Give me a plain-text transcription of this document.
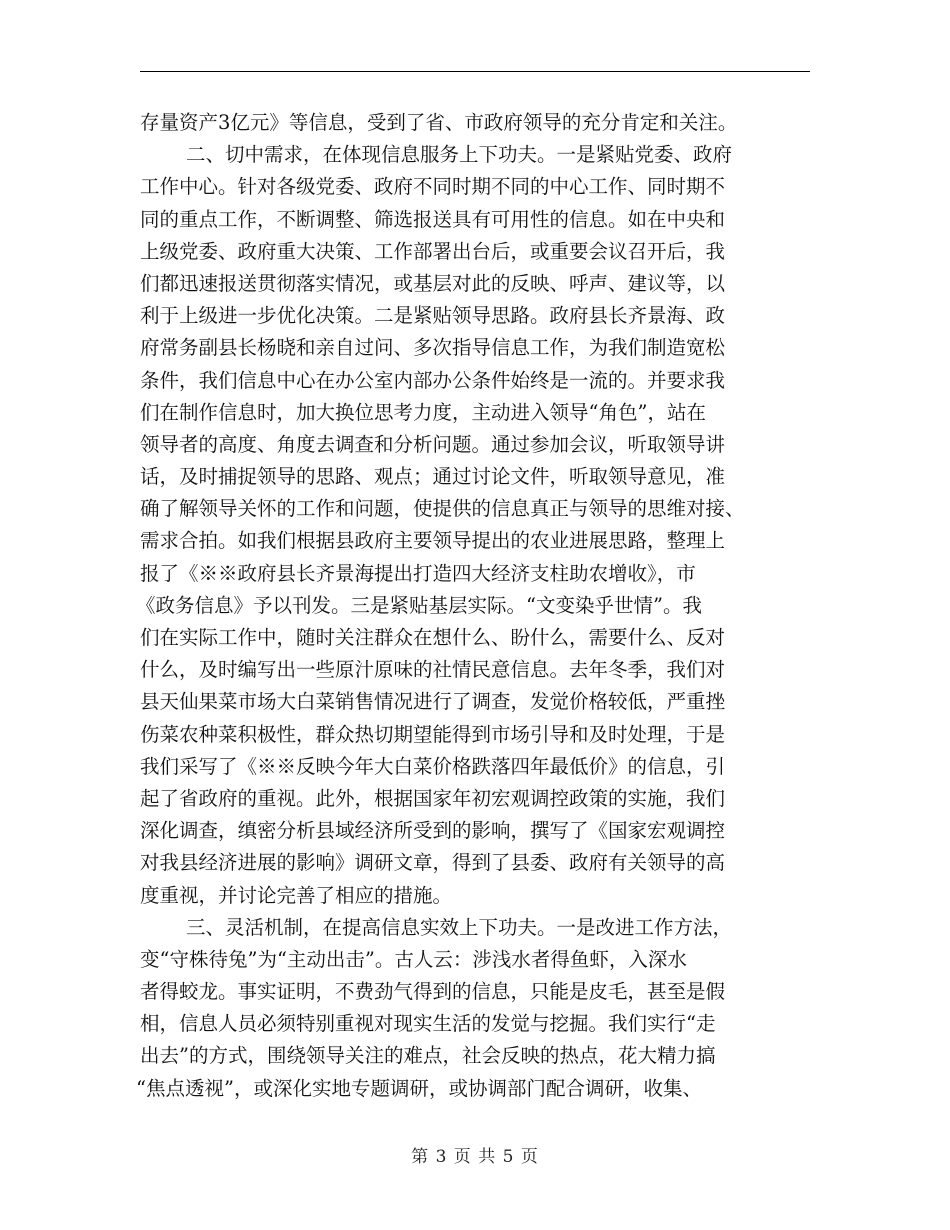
存量资产3亿元》等信息，受到了省、市政府领导的充分肯定和关注。
二、切中需求，在体现信息服务上下功夫。一是紧贴党委、政府
工作中心。针对各级党委、政府不同时期不同的中心工作、同时期不
同的重点工作，不断调整、筛选报送具有可用性的信息。如在中央和
上级党委、政府重大决策、工作部署出台后，或重要会议召开后，我
们都迅速报送贯彻落实情况，或基层对此的反映、呼声、建议等，以
利于上级进一步优化决策。二是紧贴领导思路。政府县长齐景海、政
府常务副县长杨晓和亲自过问、多次指导信息工作，为我们制造宽松
条件，我们信息中心在办公室内部办公条件始终是一流的。并要求我
们在制作信息时，加大换位思考力度，主动进入领导“角色”，站在
领导者的高度、角度去调查和分析问题。通过参加会议，听取领导讲
话，及时捕捉领导的思路、观点；通过讨论文件，听取领导意见，准
确了解领导关怀的工作和问题，使提供的信息真正与领导的思维对接、
需求合拍。如我们根据县政府主要领导提出的农业进展思路，整理上
报了《※※政府县长齐景海提出打造四大经济支柱助农增收》，市
《政务信息》予以刊发。三是紧贴基层实际。“文变染乎世情”。我
们在实际工作中，随时关注群众在想什么、盼什么，需要什么、反对
什么，及时编写出一些原汁原味的社情民意信息。去年冬季，我们对
县天仙果菜市场大白菜销售情况进行了调查，发觉价格较低，严重挫
伤菜农种菜积极性，群众热切期望能得到市场引导和及时处理，于是
我们采写了《※※反映今年大白菜价格跌落四年最低价》的信息，引
起了省政府的重视。此外，根据国家年初宏观调控政策的实施，我们
深化调查，缜密分析县域经济所受到的影响，撰写了《国家宏观调控
对我县经济进展的影响》调研文章，得到了县委、政府有关领导的高
度重视，并讨论完善了相应的措施。
三、灵活机制，在提高信息实效上下功夫。一是改进工作方法，
变“守株待兔”为“主动出击”。古人云：涉浅水者得鱼虾，入深水
者得蛟龙。事实证明，不费劲气得到的信息，只能是皮毛，甚至是假
相，信息人员必须特别重视对现实生活的发觉与挖掘。我们实行“走
出去”的方式，围绕领导关注的难点，社会反映的热点，花大精力搞
“焦点透视”，或深化实地专题调研，或协调部门配合调研，收集、
第 3 页 共 5 页
